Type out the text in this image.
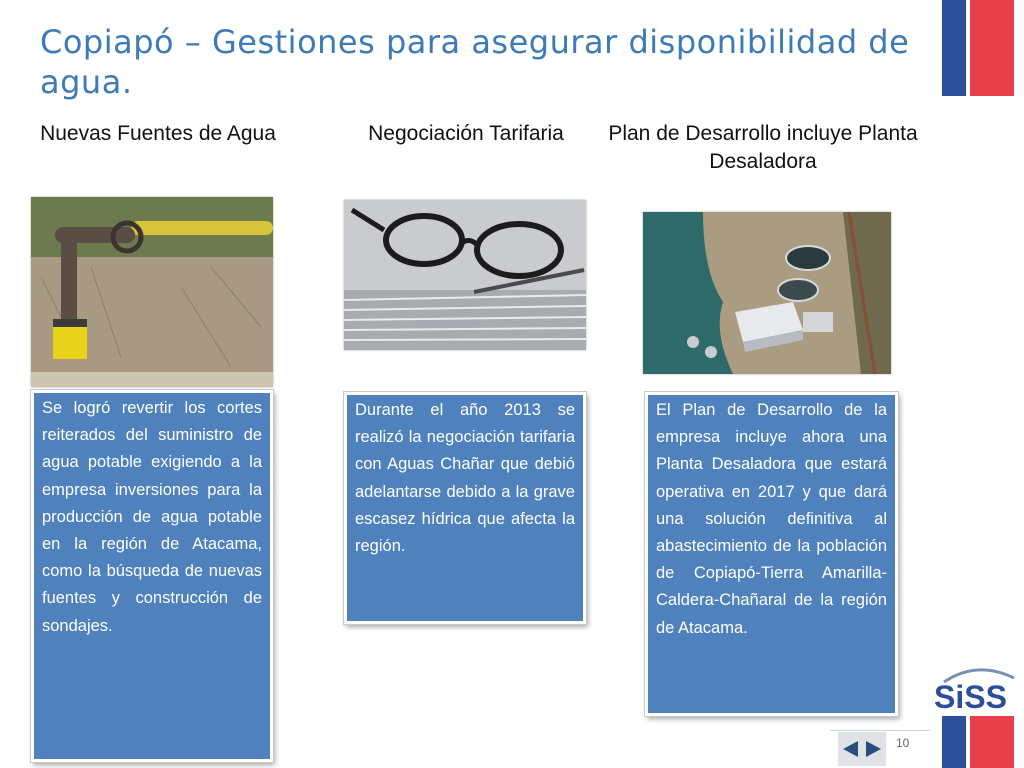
Copiapó – Gestiones para asegurar disponibilidad de agua.
Nuevas Fuentes de Agua
Se logró revertir los cortes reiterados del suministro de agua potable exigiendo a la empresa inversiones para la producción de agua potable en la región de Atacama, como la búsqueda de nuevas fuentes y construcción de sondajes.
Negociación Tarifaria
Durante el año 2013 se realizó la negociación tarifaria con Aguas Chañar que debió adelantarse debido a la grave escasez hídrica que afecta la región.
Plan de Desarrollo incluye Planta Desaladora
El Plan de Desarrollo de la empresa incluye ahora una Planta Desaladora que estará operativa en 2017 y que dará una solución definitiva al abastecimiento de la población de Copiapó-Tierra Amarilla-Caldera-Chañaral de la región de Atacama.
SiSS
10
